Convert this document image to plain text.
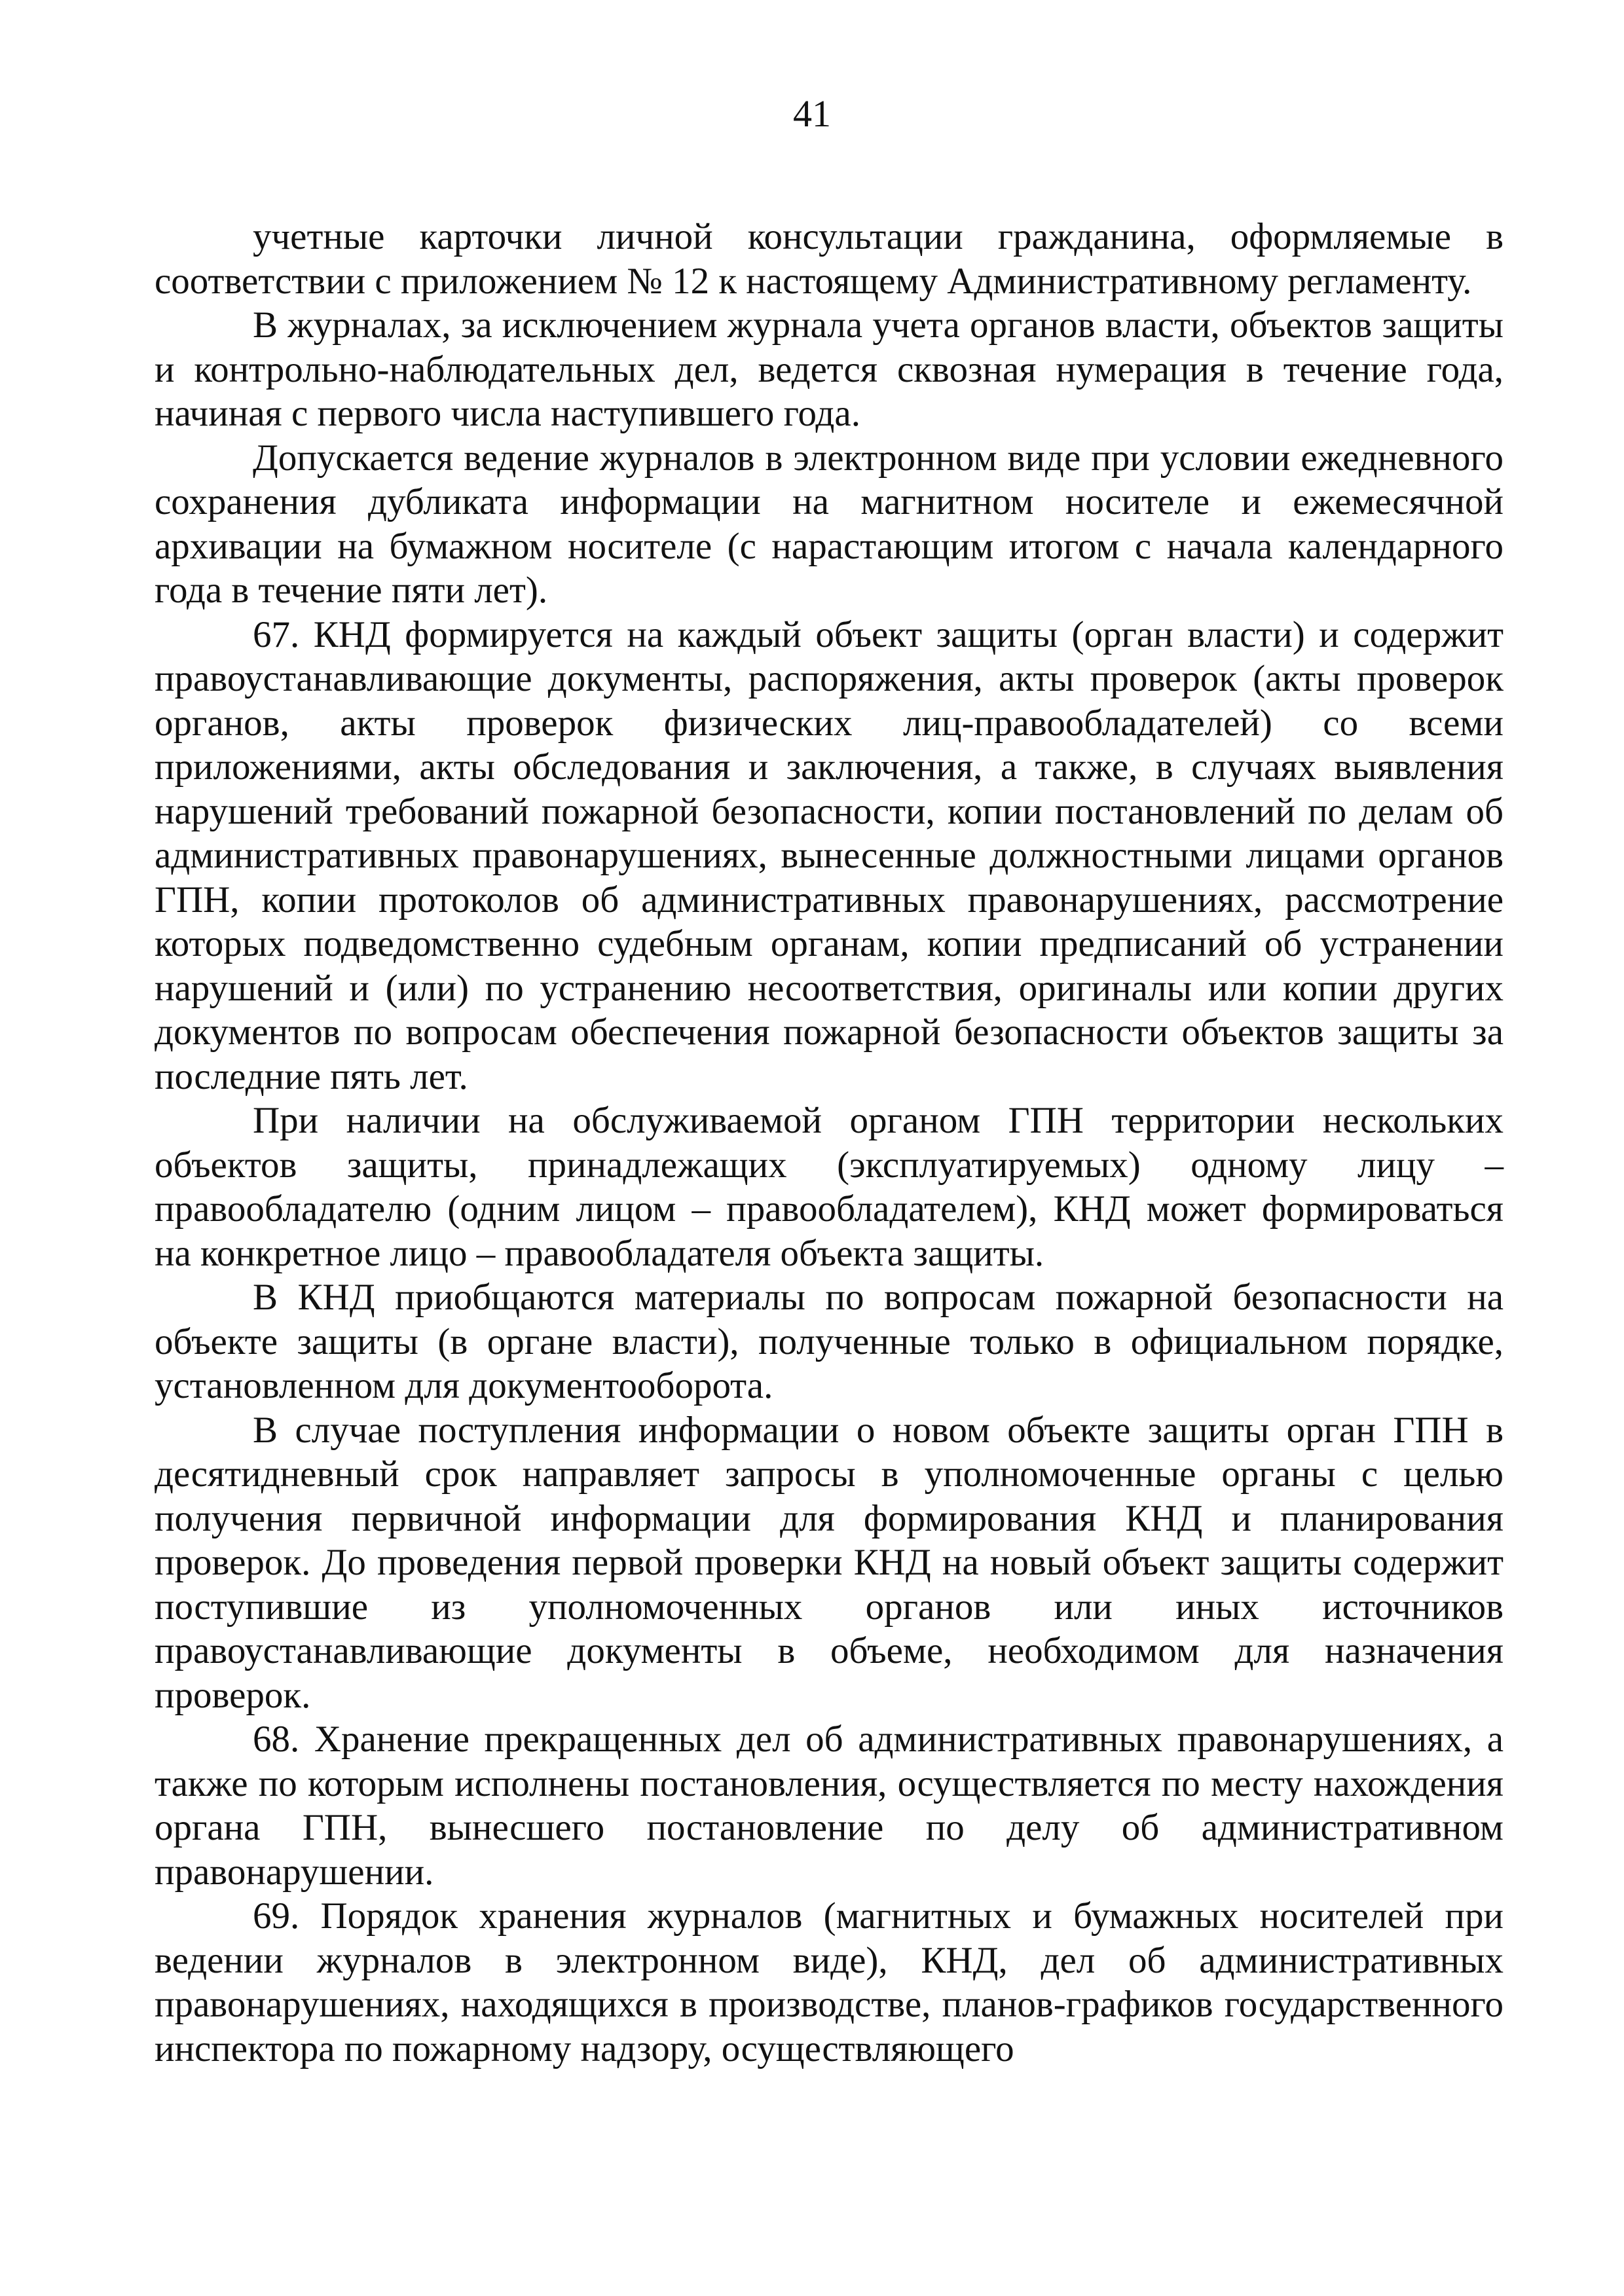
41

учетные карточки личной консультации гражданина, оформляемые в соответствии с приложением № 12 к настоящему Административному регламенту.

В журналах, за исключением журнала учета органов власти, объектов защиты и контрольно-наблюдательных дел, ведется сквозная нумерация в течение года, начиная с первого числа наступившего года.

Допускается ведение журналов в электронном виде при условии ежедневного сохранения дубликата информации на магнитном носителе и ежемесячной архивации на бумажном носителе (с нарастающим итогом с начала календарного года в течение пяти лет).

67. КНД формируется на каждый объект защиты (орган власти) и содержит правоустанавливающие документы, распоряжения, акты проверок (акты проверок органов, акты проверок физических лиц-правообладателей) со всеми приложениями, акты обследования и заключения, а также, в случаях выявления нарушений требований пожарной безопасности, копии постановлений по делам об административных правонарушениях, вынесенные должностными лицами органов ГПН, копии протоколов об административных правонарушениях, рассмотрение которых подведомственно судебным органам, копии предписаний об устранении нарушений и (или) по устранению несоответствия, оригиналы или копии других документов по вопросам обеспечения пожарной безопасности объектов защиты за последние пять лет.

При наличии на обслуживаемой органом ГПН территории нескольких объектов защиты, принадлежащих (эксплуатируемых) одному лицу – правообладателю (одним лицом – правообладателем), КНД может формироваться на конкретное лицо – правообладателя объекта защиты.

В КНД приобщаются материалы по вопросам пожарной безопасности на объекте защиты (в органе власти), полученные только в официальном порядке, установленном для документооборота.

В случае поступления информации о новом объекте защиты орган ГПН в десятидневный срок направляет запросы в уполномоченные органы с целью получения первичной информации для формирования КНД и планирования проверок. До проведения первой проверки КНД на новый объект защиты содержит поступившие из уполномоченных органов или иных источников правоустанавливающие документы в объеме, необходимом для назначения проверок.

68. Хранение прекращенных дел об административных правонарушениях, а также по которым исполнены постановления, осуществляется по месту нахождения органа ГПН, вынесшего постановление по делу об административном правонарушении.

69. Порядок хранения журналов (магнитных и бумажных носителей при ведении журналов в электронном виде), КНД, дел об административных правонарушениях, находящихся в производстве, планов-графиков государственного инспектора по пожарному надзору, осуществляющего
